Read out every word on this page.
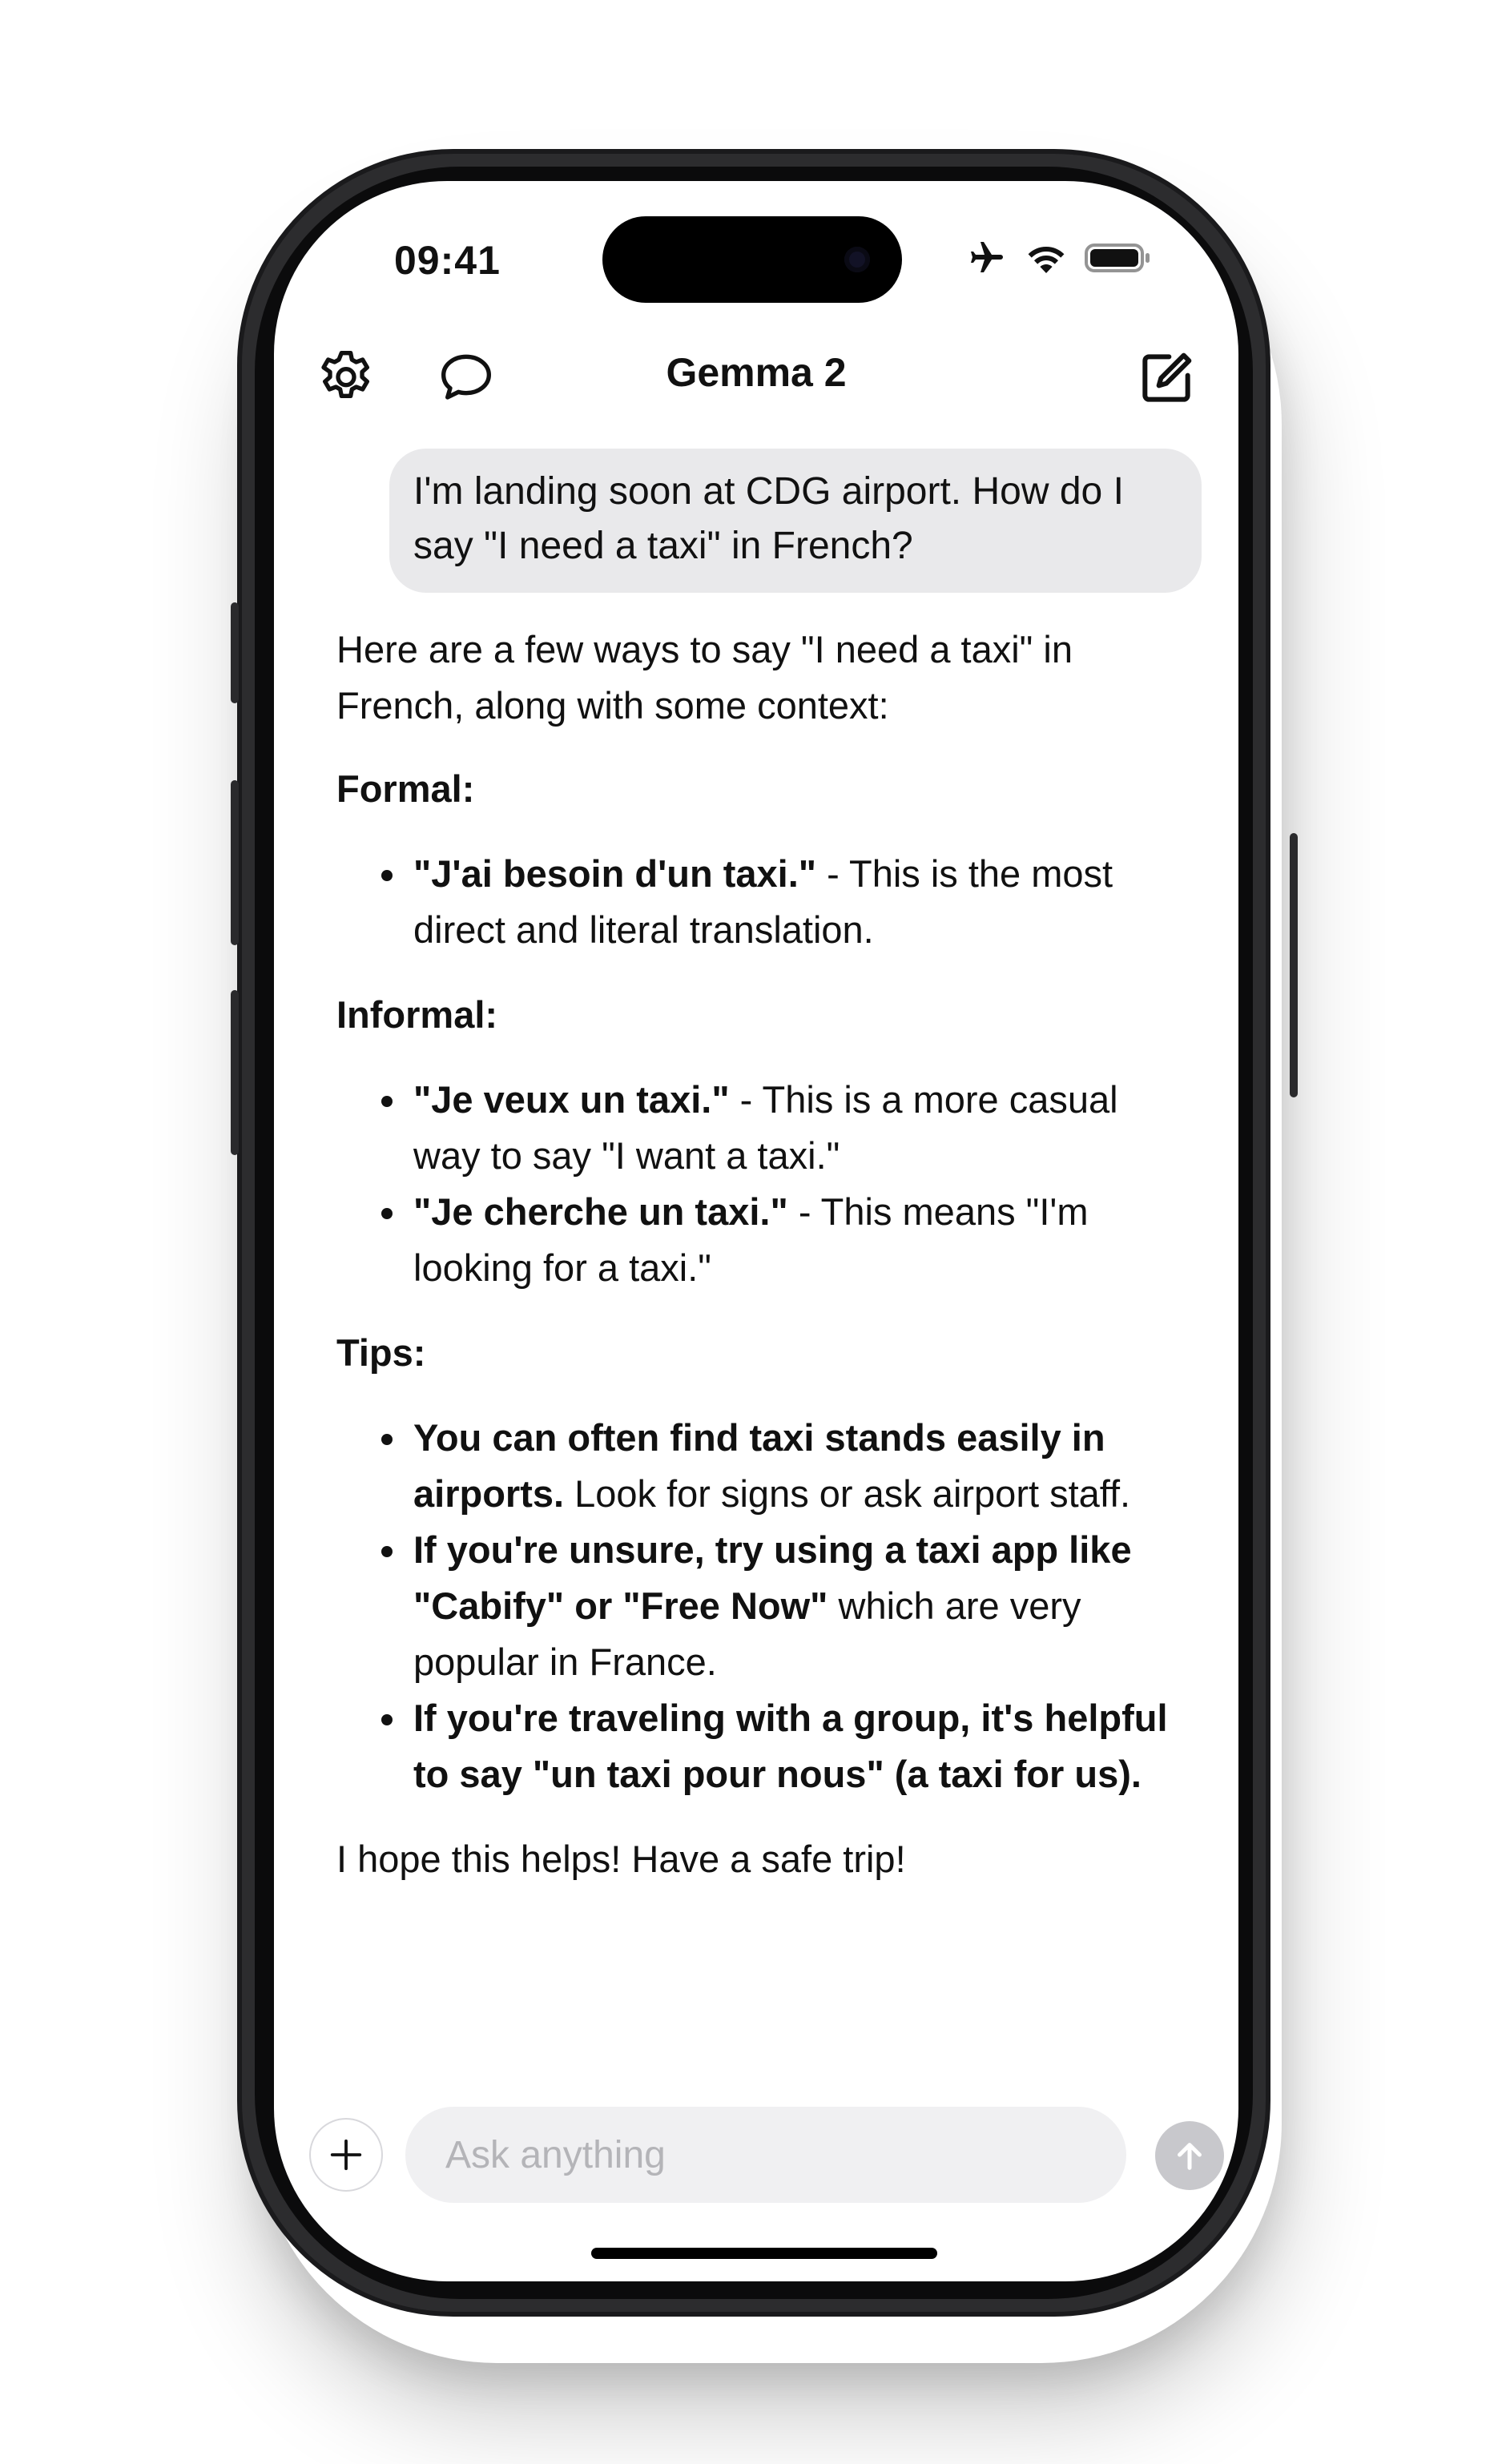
09:41
Gemma 2
I'm landing soon at CDG airport. How do I say "I need a taxi" in French?

Here are a few ways to say "I need a taxi" in French, along with some context:

Formal:
"J'ai besoin d'un taxi." - This is the most direct and literal translation.
Informal:
"Je veux un taxi." - This is a more casual way to say "I want a taxi."
"Je cherche un taxi." - This means "I'm looking for a taxi."
Tips:
You can often find taxi stands easily in airports. Look for signs or ask airport staff.
If you're unsure, try using a taxi app like "Cabify" or "Free Now" which are very popular in France.
If you're traveling with a group, it's helpful to say "un taxi pour nous" (a taxi for us).

I hope this helps! Have a safe trip!

Ask anything
